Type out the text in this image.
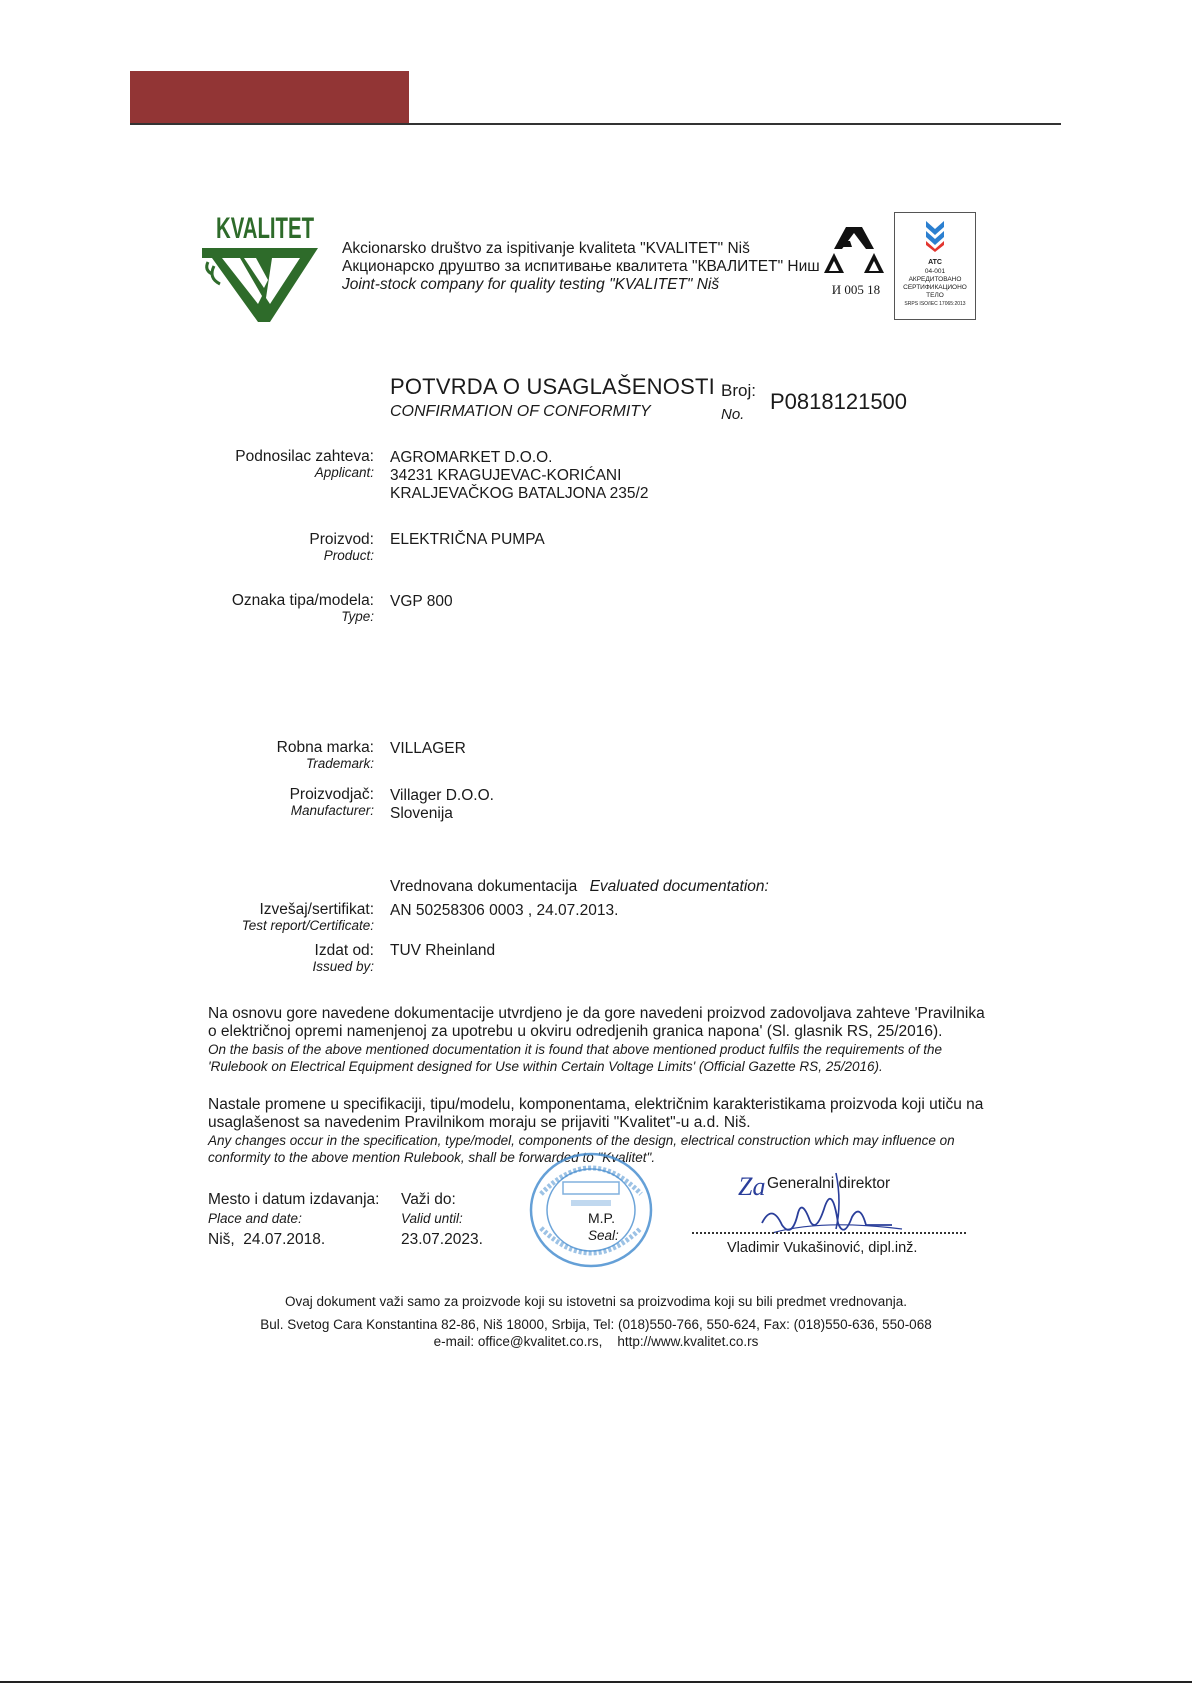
KVALITET
Akcionarsko društvo za ispitivanje kvaliteta "KVALITET" Niš
Акционарско друштво за испитивање квалитета "КВАЛИТЕТ" Ниш
Joint-stock company for quality testing "KVALITET" Niš	И 005 18
ATC
04-001
АКРЕДИТОВАНО
СЕРТИФИКАЦИОНО
ТЕЛО
SRPS ISO/IEC 17065:2013
POTVRDA O USAGLAŠENOSTI
CONFIRMATION OF CONFORMITY
Broj:
No.
P0818121500
Podnosilac zahteva:
Applicant:
AGROMARKET D.O.O.
34231 KRAGUJEVAC-KORIĆANI
KRALJEVAČKOG BATALJONA 235/2
Proizvod:
Product:
ELEKTRIČNA PUMPA
Oznaka tipa/modela:
Type:
VGP 800
Robna marka:
Trademark:
VILLAGER
Proizvodjač:
Manufacturer:
Villager D.O.O.
Slovenija
Vrednovana dokumentacija Evaluated documentation:
Izvešaj/sertifikat:
Test report/Certificate:
AN 50258306 0003 , 24.07.2013.
Izdat od:
Issued by:
TUV Rheinland
Na osnovu gore navedene dokumentacije utvrdjeno je da gore navedeni proizvod zadovoljava zahteve 'Pravilnika
o električnoj opremi namenjenoj za upotrebu u okviru odredjenih granica napona' (Sl. glasnik RS, 25/2016).
On the basis of the above mentioned documentation it is found that above mentioned product fulfils the requirements of the
'Rulebook on Electrical Equipment designed for Use within Certain Voltage Limits' (Official Gazette RS, 25/2016).
Nastale promene u specifikaciji, tipu/modelu, komponentama, električnim karakteristikama proizvoda koji utiču na
usaglašenost sa navedenim Pravilnikom moraju se prijaviti "Kvalitet"-u a.d. Niš.
Any changes occur in the specification, type/model, components of the design, electrical construction which may influence on
conformity to the above mention Rulebook, shall be forwarded to "Kvalitet".
Mesto i datum izdavanja:
Place and date:
Niš,  24.07.2018.
Važi do:
Valid until:
23.07.2023.
M.P.
Seal:
Za Generalni direktor
Vladimir Vukašinović, dipl.inž.
Ovaj dokument važi samo za proizvode koji su istovetni sa proizvodima koji su bili predmet vrednovanja.
Bul. Svetog Cara Konstantina 82-86, Niš 18000, Srbija, Tel: (018)550-766, 550-624, Fax: (018)550-636, 550-068
e-mail: office@kvalitet.co.rs,    http://www.kvalitet.co.rs
